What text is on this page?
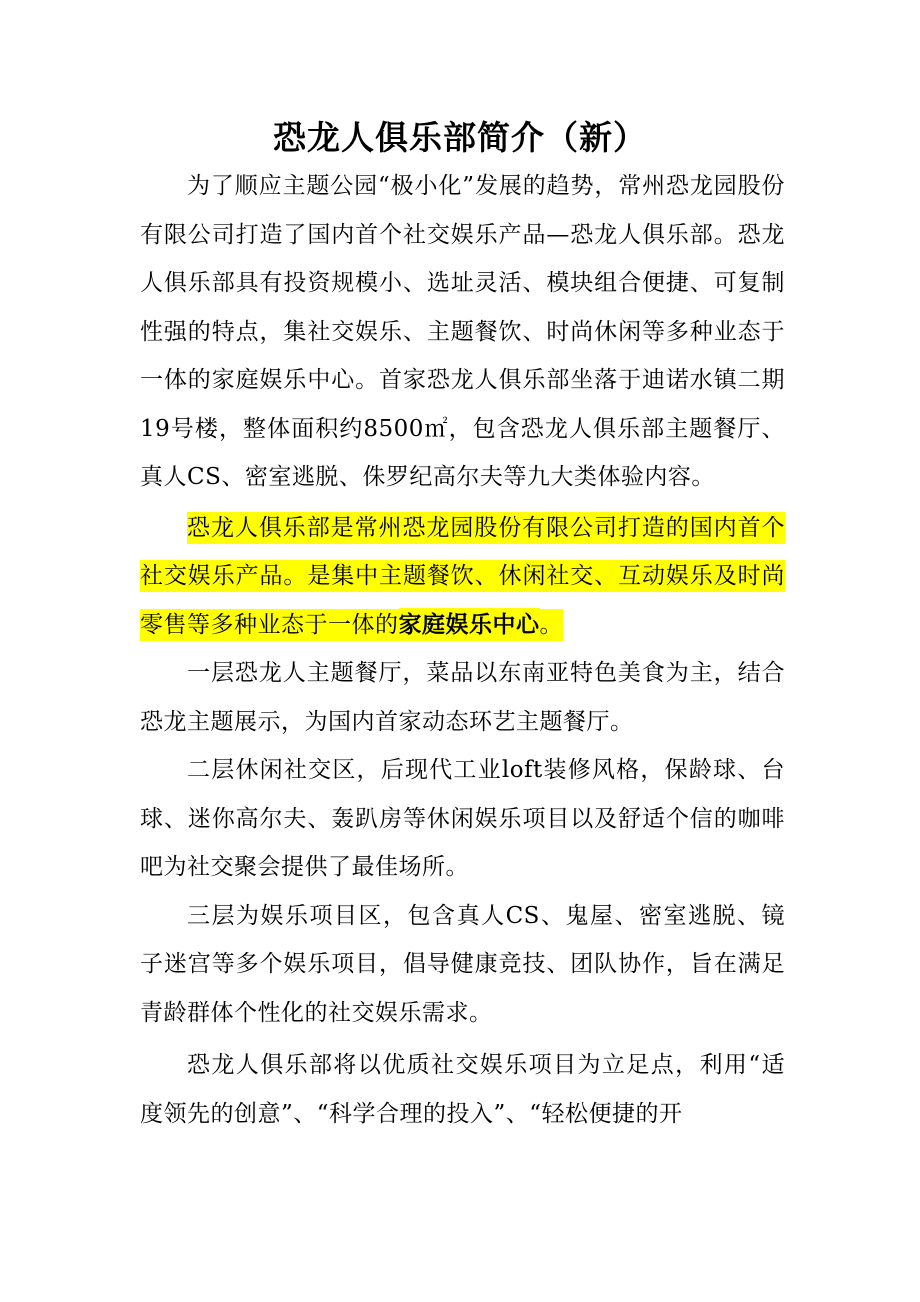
恐龙人俱乐部简介（新）

为了顺应主题公园“极小化”发展的趋势，常州恐龙园股份有限公司打造了国内首个社交娱乐产品—恐龙人俱乐部。恐龙人俱乐部具有投资规模小、选址灵活、模块组合便捷、可复制性强的特点，集社交娱乐、主题餐饮、时尚休闲等多种业态于一体的家庭娱乐中心。首家恐龙人俱乐部坐落于迪诺水镇二期19号楼，整体面积约8500㎡，包含恐龙人俱乐部主题餐厅、真人CS、密室逃脱、侏罗纪高尔夫等九大类体验内容。

恐龙人俱乐部是常州恐龙园股份有限公司打造的国内首个社交娱乐产品。是集中主题餐饮、休闲社交、互动娱乐及时尚零售等多种业态于一体的家庭娱乐中心。

一层恐龙人主题餐厅，菜品以东南亚特色美食为主，结合恐龙主题展示，为国内首家动态环艺主题餐厅。

二层休闲社交区，后现代工业loft装修风格，保龄球、台球、迷你高尔夫、轰趴房等休闲娱乐项目以及舒适个信的咖啡吧为社交聚会提供了最佳场所。

三层为娱乐项目区，包含真人CS、鬼屋、密室逃脱、镜子迷宫等多个娱乐项目，倡导健康竞技、团队协作，旨在满足青龄群体个性化的社交娱乐需求。

恐龙人俱乐部将以优质社交娱乐项目为立足点，利用“适度领先的创意”、“科学合理的投入”、“轻松便捷的开
